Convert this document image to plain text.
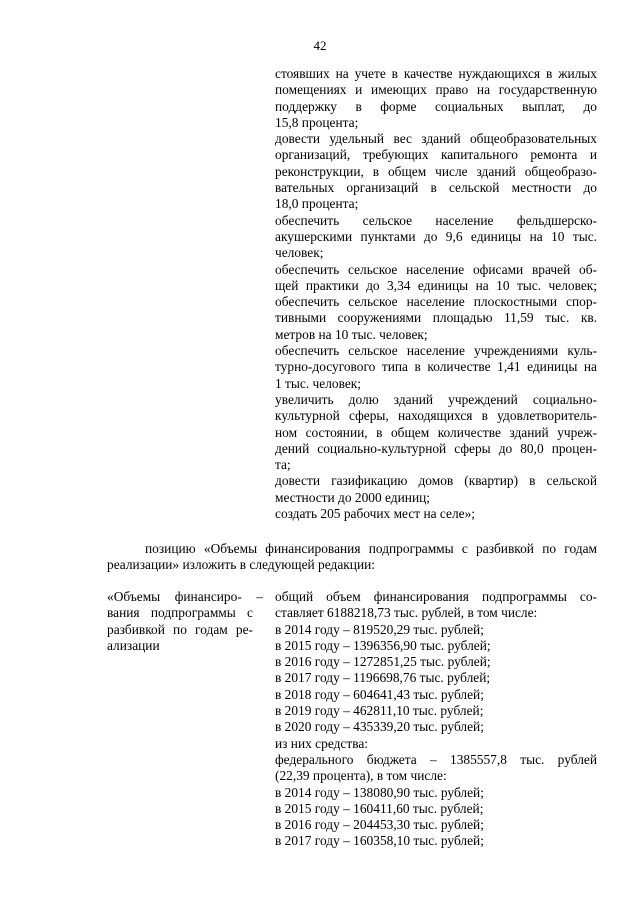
42
стоявших на учете в качестве нуждающихся в жилых
помещениях и имеющих право на государственную
поддержку в форме социальных выплат, до
15,8 процента;
довести удельный вес зданий общеобразовательных
организаций, требующих капитального ремонта и
реконструкции, в общем числе зданий общеобразо-
вательных организаций в сельской местности до
18,0 процента;
обеспечить сельское население фельдшерско-
акушерскими пунктами до 9,6 единицы на 10 тыс.
человек;
обеспечить сельское население офисами врачей об-
щей практики до 3,34 единицы на 10 тыс. человек;
обеспечить сельское население плоскостными спор-
тивными сооружениями площадью 11,59 тыс. кв.
метров на 10 тыс. человек;
обеспечить сельское население учреждениями куль-
турно-досугового типа в количестве 1,41 единицы на
1 тыс. человек;
увеличить долю зданий учреждений социально-
культурной сферы, находящихся в удовлетворитель-
ном состоянии, в общем количестве зданий учреж-
дений социально-культурной сферы до 80,0 процен-
та;
довести газификацию домов (квартир) в сельской
местности до 2000 единиц;
создать 205 рабочих мест на селе»;
позицию «Объемы финансирования подпрограммы с разбивкой по годам
реализации» изложить в следующей редакции:
«Объемы финансиро- –
вания подпрограммы с
разбивкой по годам ре-
ализации
общий объем финансирования подпрограммы со-
ставляет 6188218,73 тыс. рублей, в том числе:
в 2014 году – 819520,29 тыс. рублей;
в 2015 году – 1396356,90 тыс. рублей;
в 2016 году – 1272851,25 тыс. рублей;
в 2017 году – 1196698,76 тыс. рублей;
в 2018 году – 604641,43 тыс. рублей;
в 2019 году – 462811,10 тыс. рублей;
в 2020 году – 435339,20 тыс. рублей;
из них средства:
федерального бюджета – 1385557,8 тыс. рублей
(22,39 процента), в том числе:
в 2014 году – 138080,90 тыс. рублей;
в 2015 году – 160411,60 тыс. рублей;
в 2016 году – 204453,30 тыс. рублей;
в 2017 году – 160358,10 тыс. рублей;
